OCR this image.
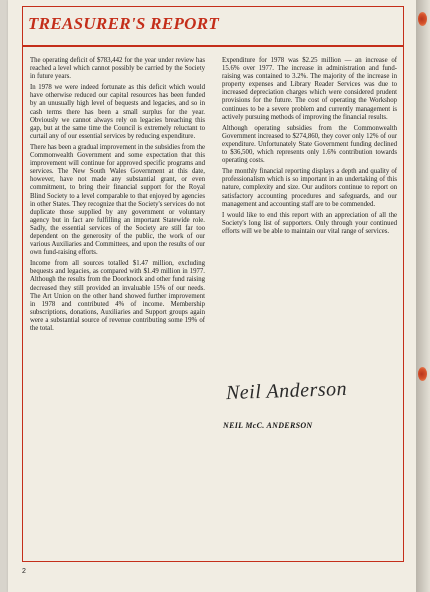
TREASURER'S REPORT

The operating deficit of $783,442 for the year under review has reached a level which cannot possibly be carried by the Society in future years.

In 1978 we were indeed fortunate as this deficit which would have otherwise reduced our capital resources has been funded by an unusually high level of bequests and legacies, and so in cash terms there has been a small surplus for the year. Obviously we cannot always rely on legacies breaching this gap, but at the same time the Council is extremely reluctant to curtail any of our essential services by reducing expenditure.

There has been a gradual improvement in the subsidies from the Commonwealth Government and some expectation that this improvement will continue for approved specific programs and services. The New South Wales Government at this date, however, have not made any substantial grant, or even commitment, to bring their financial support for the Royal Blind Society to a level comparable to that enjoyed by agencies in other States. They recognize that the Society's services do not duplicate those supplied by any government or voluntary agency but in fact are fulfilling an important Statewide role. Sadly, the essential services of the Society are still far too dependent on the generosity of the public, the work of our various Auxiliaries and Committees, and upon the results of our own fund-raising efforts.

Income from all sources totalled $1.47 million, excluding bequests and legacies, as compared with $1.49 million in 1977. Although the results from the Doorknock and other fund raising decreased they still provided an invaluable 15% of our needs. The Art Union on the other hand showed further improvement in 1978 and contributed 4% of income. Membership subscriptions, donations, Auxiliaries and Support groups again were a substantial source of revenue contributing some 19% of the total.

Expenditure for 1978 was $2.25 million — an increase of 15.6% over 1977. The increase in administration and fund-raising was contained to 3.2%. The majority of the increase in property expenses and Library Reader Services was due to increased depreciation charges which were considered prudent provisions for the future. The cost of operating the Workshop continues to be a severe problem and currently management is actively pursuing methods of improving the financial results.

Although operating subsidies from the Commonwealth Government increased to $274,860, they cover only 12% of our expenditure. Unfortunately State Government funding declined to $36,500, which represents only 1.6% contribution towards operating costs.

The monthly financial reporting displays a depth and quality of professionalism which is so important in an undertaking of this nature, complexity and size. Our auditors continue to report on satisfactory accounting procedures and safeguards, and our management and accounting staff are to be commended.

I would like to end this report with an appreciation of all the Society's long list of supporters. Only through your continued efforts will we be able to maintain our vital range of services.

Neil Anderson
NEIL McC. ANDERSON
2
